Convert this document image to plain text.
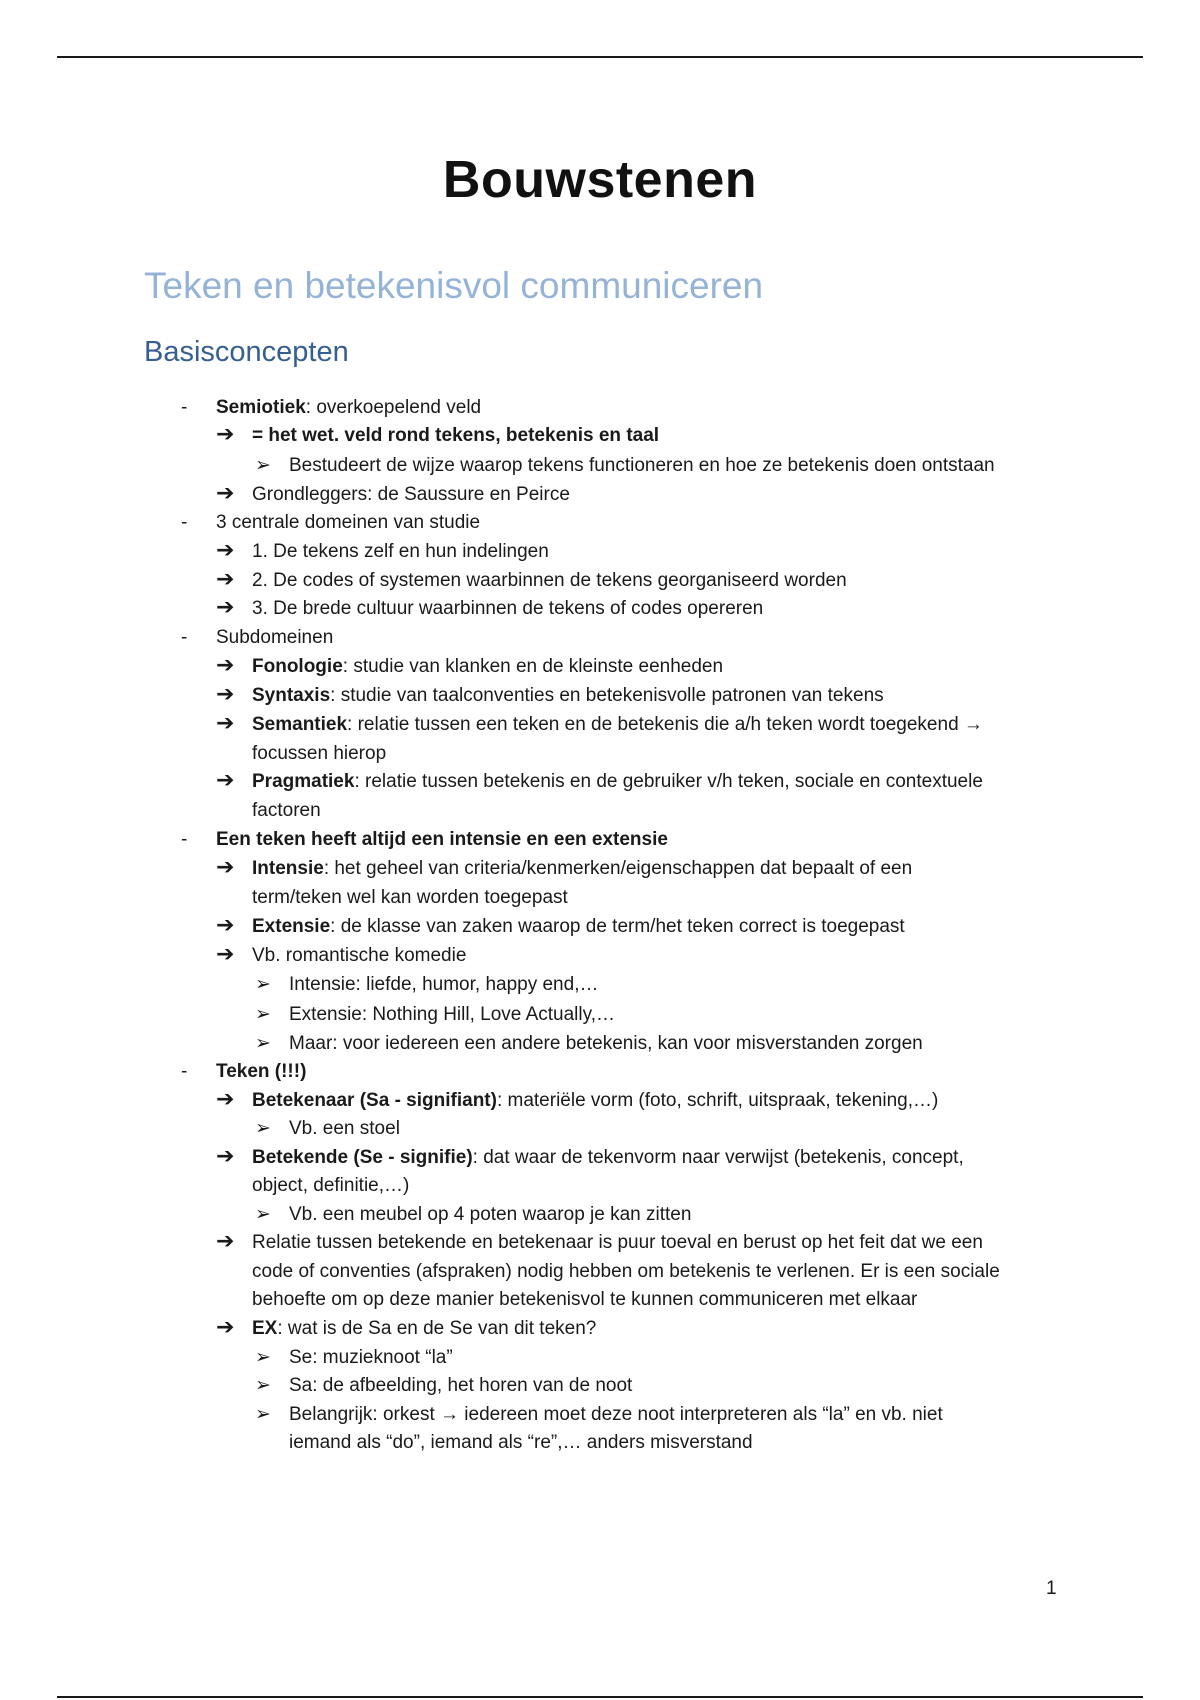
Bouwstenen
Teken en betekenisvol communiceren
Basisconcepten
- Semiotiek: overkoepelend veld
➔ = het wet. veld rond tekens, betekenis en taal
➢ Bestudeert de wijze waarop tekens functioneren en hoe ze betekenis doen ontstaan
➔ Grondleggers: de Saussure en Peirce
- 3 centrale domeinen van studie
➔ 1. De tekens zelf en hun indelingen
➔ 2. De codes of systemen waarbinnen de tekens georganiseerd worden
➔ 3. De brede cultuur waarbinnen de tekens of codes opereren
- Subdomeinen
➔ Fonologie: studie van klanken en de kleinste eenheden
➔ Syntaxis: studie van taalconventies en betekenisvolle patronen van tekens
➔ Semantiek: relatie tussen een teken en de betekenis die a/h teken wordt toegekend →
focussen hierop
➔ Pragmatiek: relatie tussen betekenis en de gebruiker v/h teken, sociale en contextuele
factoren
- Een teken heeft altijd een intensie en een extensie
➔ Intensie: het geheel van criteria/kenmerken/eigenschappen dat bepaalt of een
term/teken wel kan worden toegepast
➔ Extensie: de klasse van zaken waarop de term/het teken correct is toegepast
➔ Vb. romantische komedie
➢ Intensie: liefde, humor, happy end,…
➢ Extensie: Nothing Hill, Love Actually,…
➢ Maar: voor iedereen een andere betekenis, kan voor misverstanden zorgen
- Teken (!!!)
➔ Betekenaar (Sa - signifiant): materiële vorm (foto, schrift, uitspraak, tekening,…)
➢ Vb. een stoel
➔ Betekende (Se - signifie): dat waar de tekenvorm naar verwijst (betekenis, concept,
object, definitie,…)
➢ Vb. een meubel op 4 poten waarop je kan zitten
➔ Relatie tussen betekende en betekenaar is puur toeval en berust op het feit dat we een
code of conventies (afspraken) nodig hebben om betekenis te verlenen. Er is een sociale
behoefte om op deze manier betekenisvol te kunnen communiceren met elkaar
➔ EX: wat is de Sa en de Se van dit teken?
➢ Se: muzieknoot “la”
➢ Sa: de afbeelding, het horen van de noot
➢ Belangrijk: orkest → iedereen moet deze noot interpreteren als “la” en vb. niet
iemand als “do”, iemand als “re”,… anders misverstand
1
